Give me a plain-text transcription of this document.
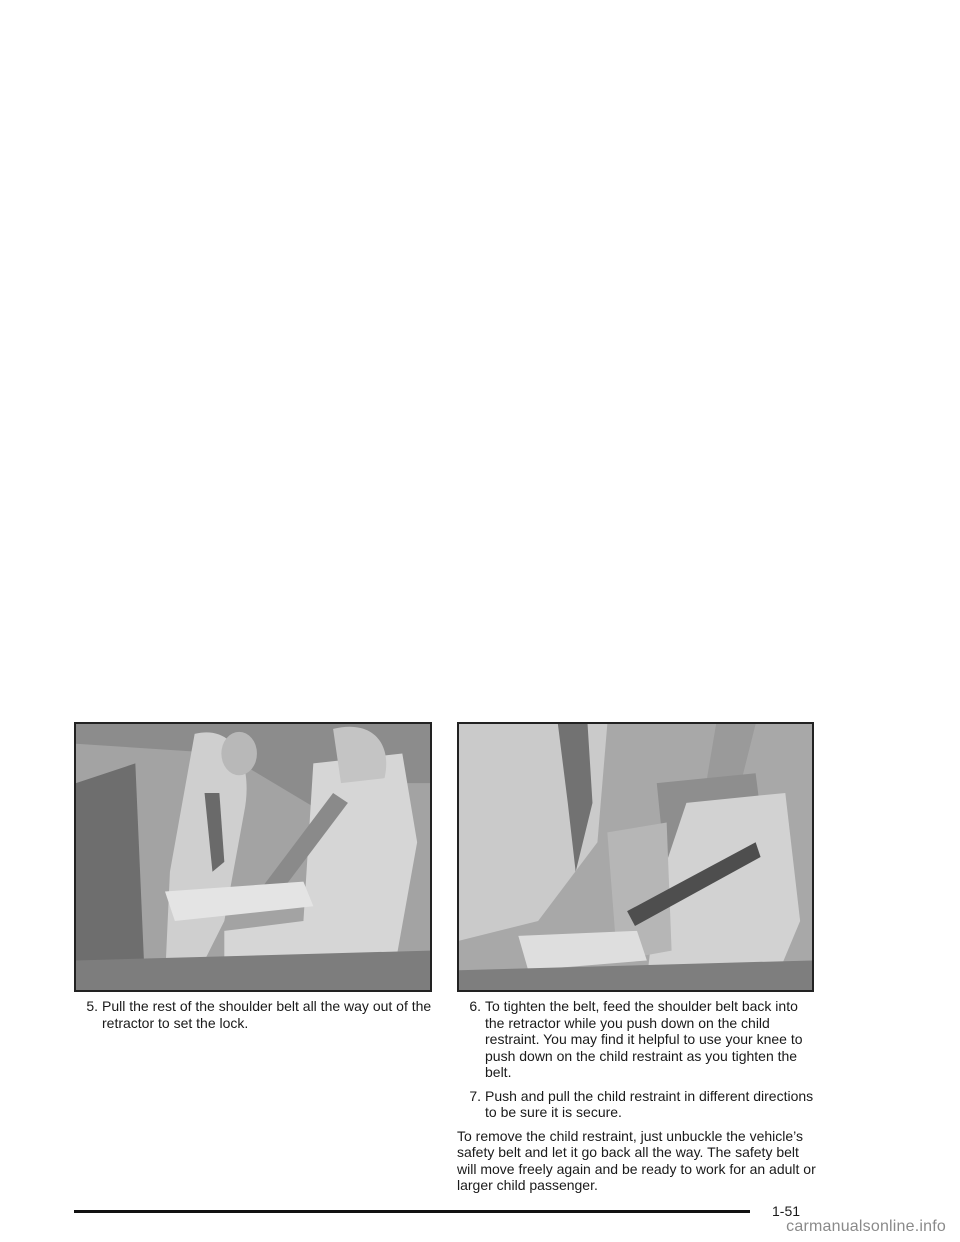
5. Pull the rest of the shoulder belt all the way out of the retractor to set the lock.
6. To tighten the belt, feed the shoulder belt back into the retractor while you push down on the child restraint. You may find it helpful to use your knee to push down on the child restraint as you tighten the belt.
7. Push and pull the child restraint in different directions to be sure it is secure.

To remove the child restraint, just unbuckle the vehicle’s safety belt and let it go back all the way. The safety belt will move freely again and be ready to work for an adult or larger child passenger.

1-51
carmanualsonline.info
